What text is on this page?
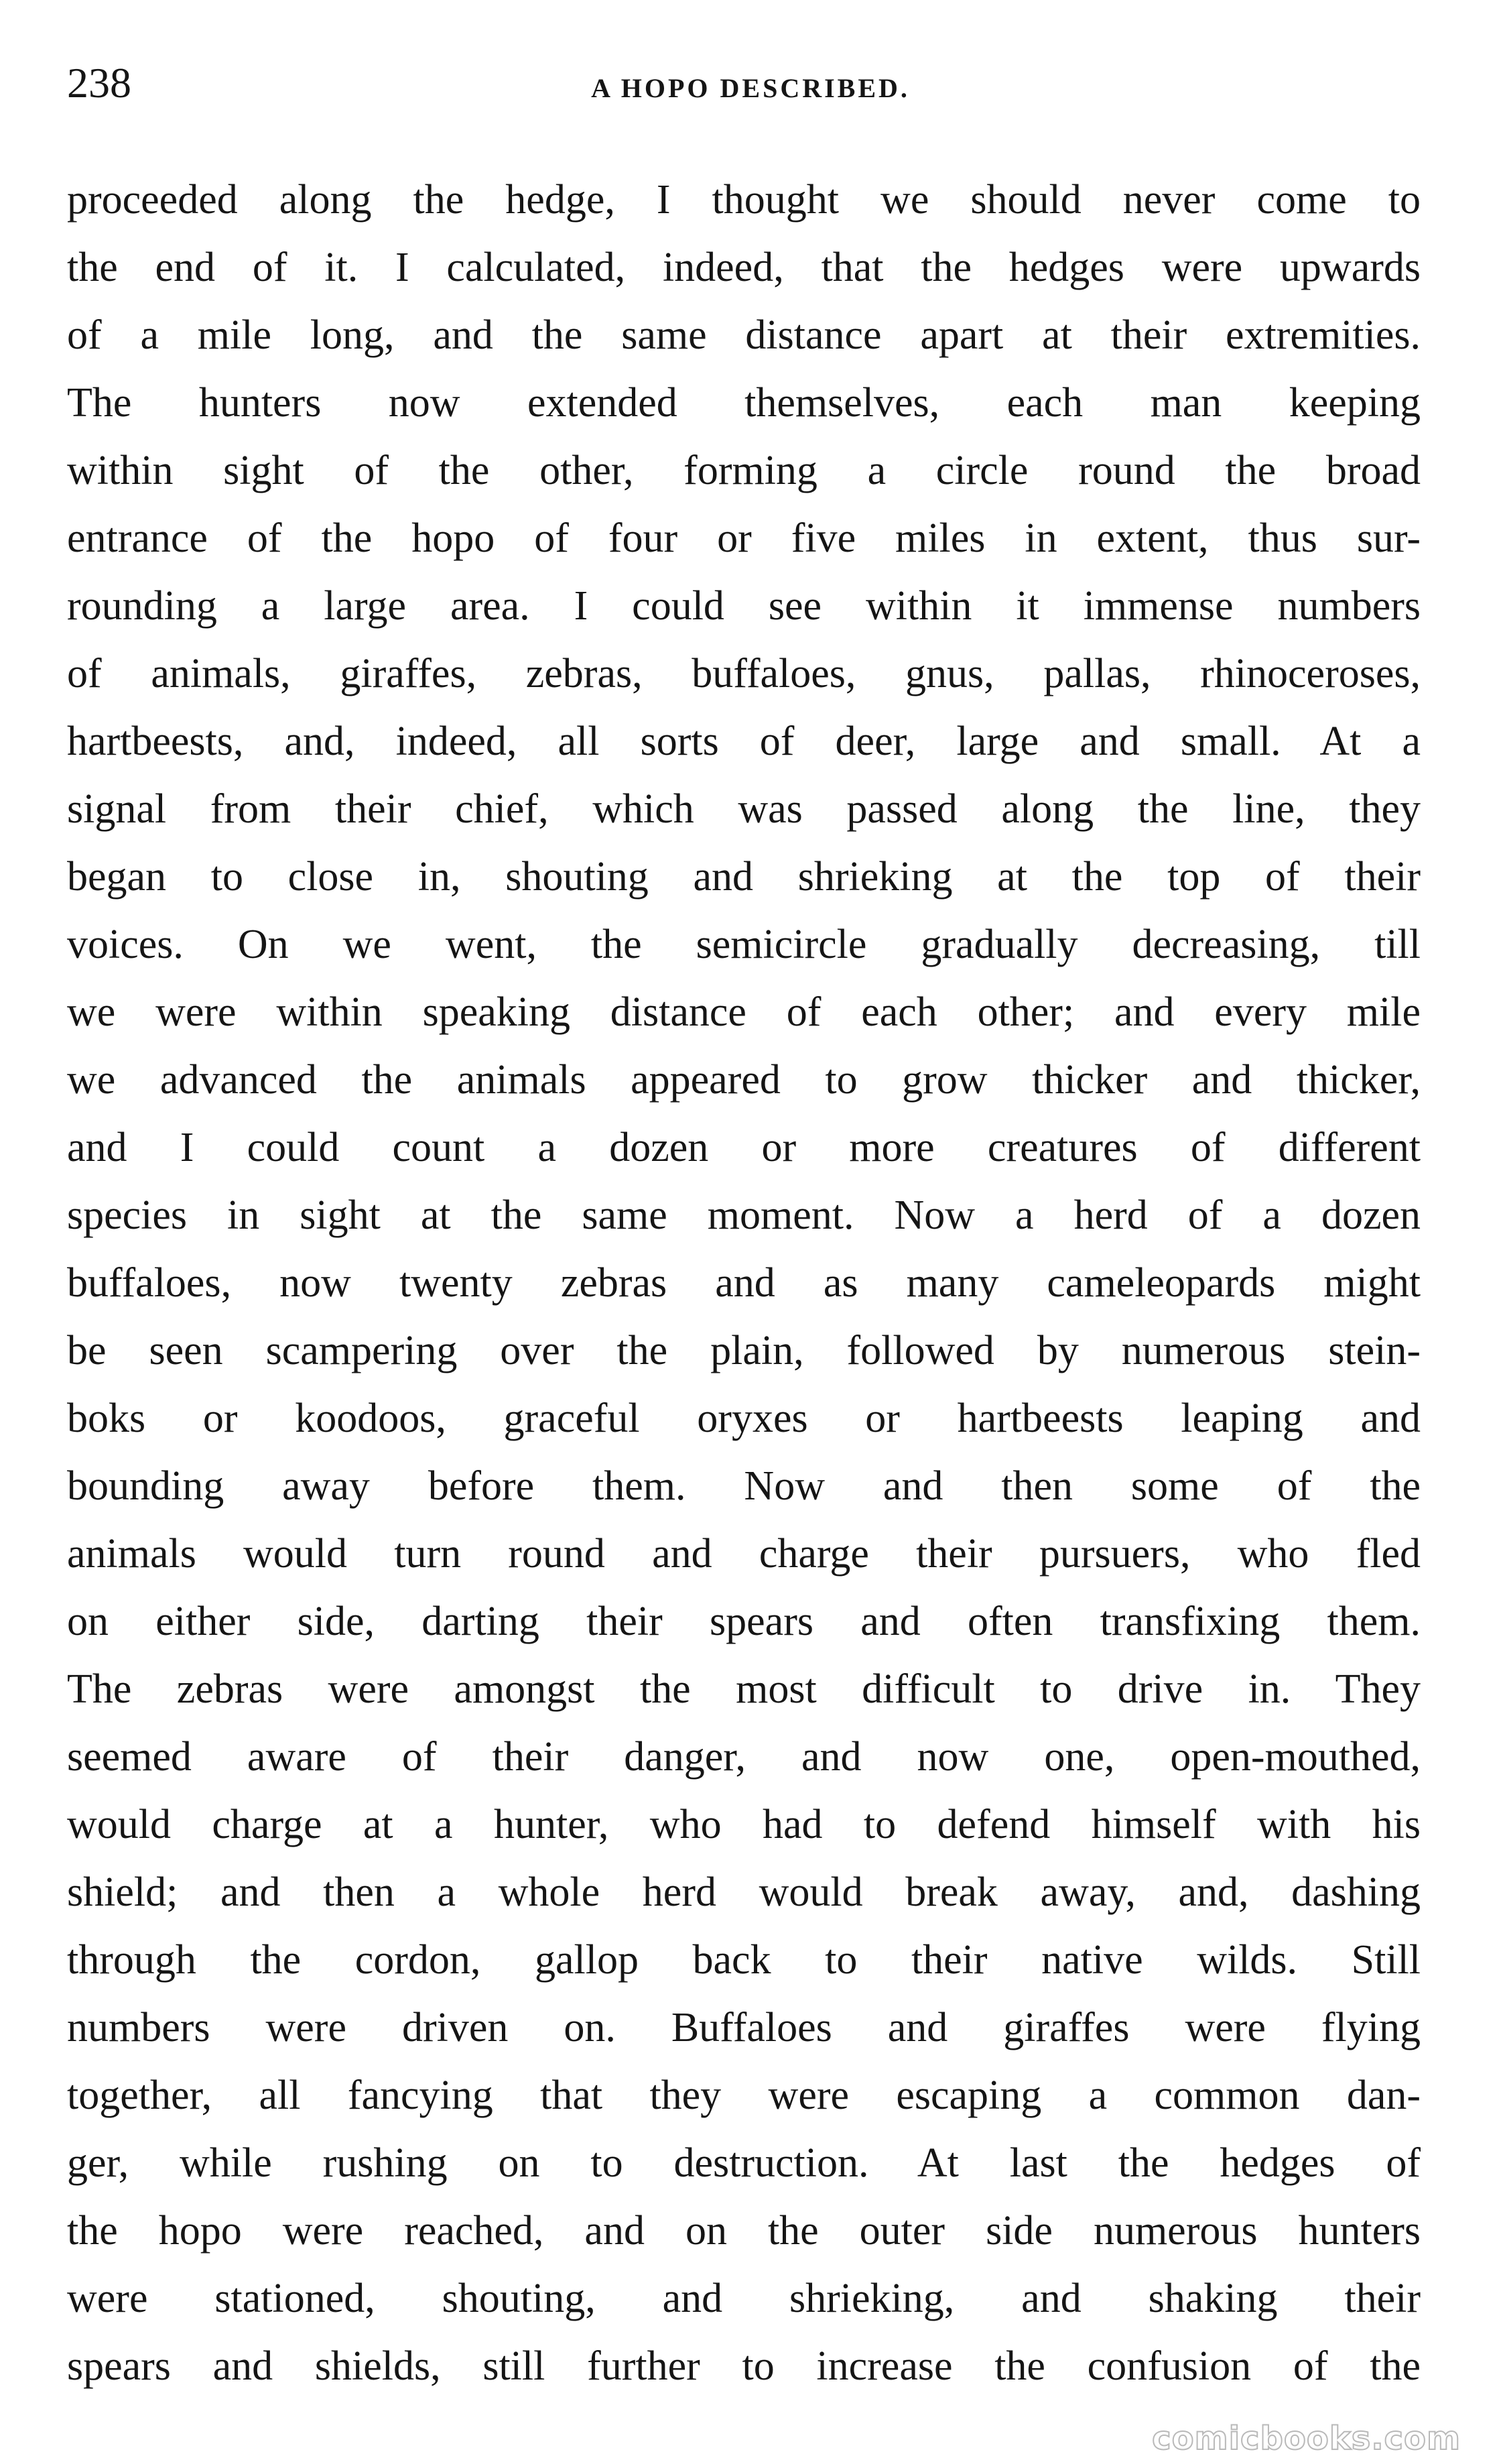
238	A HOPO DESCRIBED.
proceeded along the hedge, I thought we should never come to
the end of it. I calculated, indeed, that the hedges were upwards
of a mile long, and the same distance apart at their extremities.
The hunters now extended themselves, each man keeping
within sight of the other, forming a circle round the broad
entrance of the hopo of four or five miles in extent, thus sur-
rounding a large area. I could see within it immense numbers
of animals, giraffes, zebras, buffaloes, gnus, pallas, rhinoceroses,
hartbeests, and, indeed, all sorts of deer, large and small. At a
signal from their chief, which was passed along the line, they
began to close in, shouting and shrieking at the top of their
voices. On we went, the semicircle gradually decreasing, till
we were within speaking distance of each other; and every mile
we advanced the animals appeared to grow thicker and thicker,
and I could count a dozen or more creatures of different
species in sight at the same moment. Now a herd of a dozen
buffaloes, now twenty zebras and as many cameleopards might
be seen scampering over the plain, followed by numerous stein-
boks or koodoos, graceful oryxes or hartbeests leaping and
bounding away before them. Now and then some of the
animals would turn round and charge their pursuers, who fled
on either side, darting their spears and often transfixing them.
The zebras were amongst the most difficult to drive in. They
seemed aware of their danger, and now one, open-mouthed,
would charge at a hunter, who had to defend himself with his
shield; and then a whole herd would break away, and, dashing
through the cordon, gallop back to their native wilds. Still
numbers were driven on. Buffaloes and giraffes were flying
together, all fancying that they were escaping a common dan-
ger, while rushing on to destruction. At last the hedges of
the hopo were reached, and on the outer side numerous hunters
were stationed, shouting, and shrieking, and shaking their
spears and shields, still further to increase the confusion of the
comicbooks.com
